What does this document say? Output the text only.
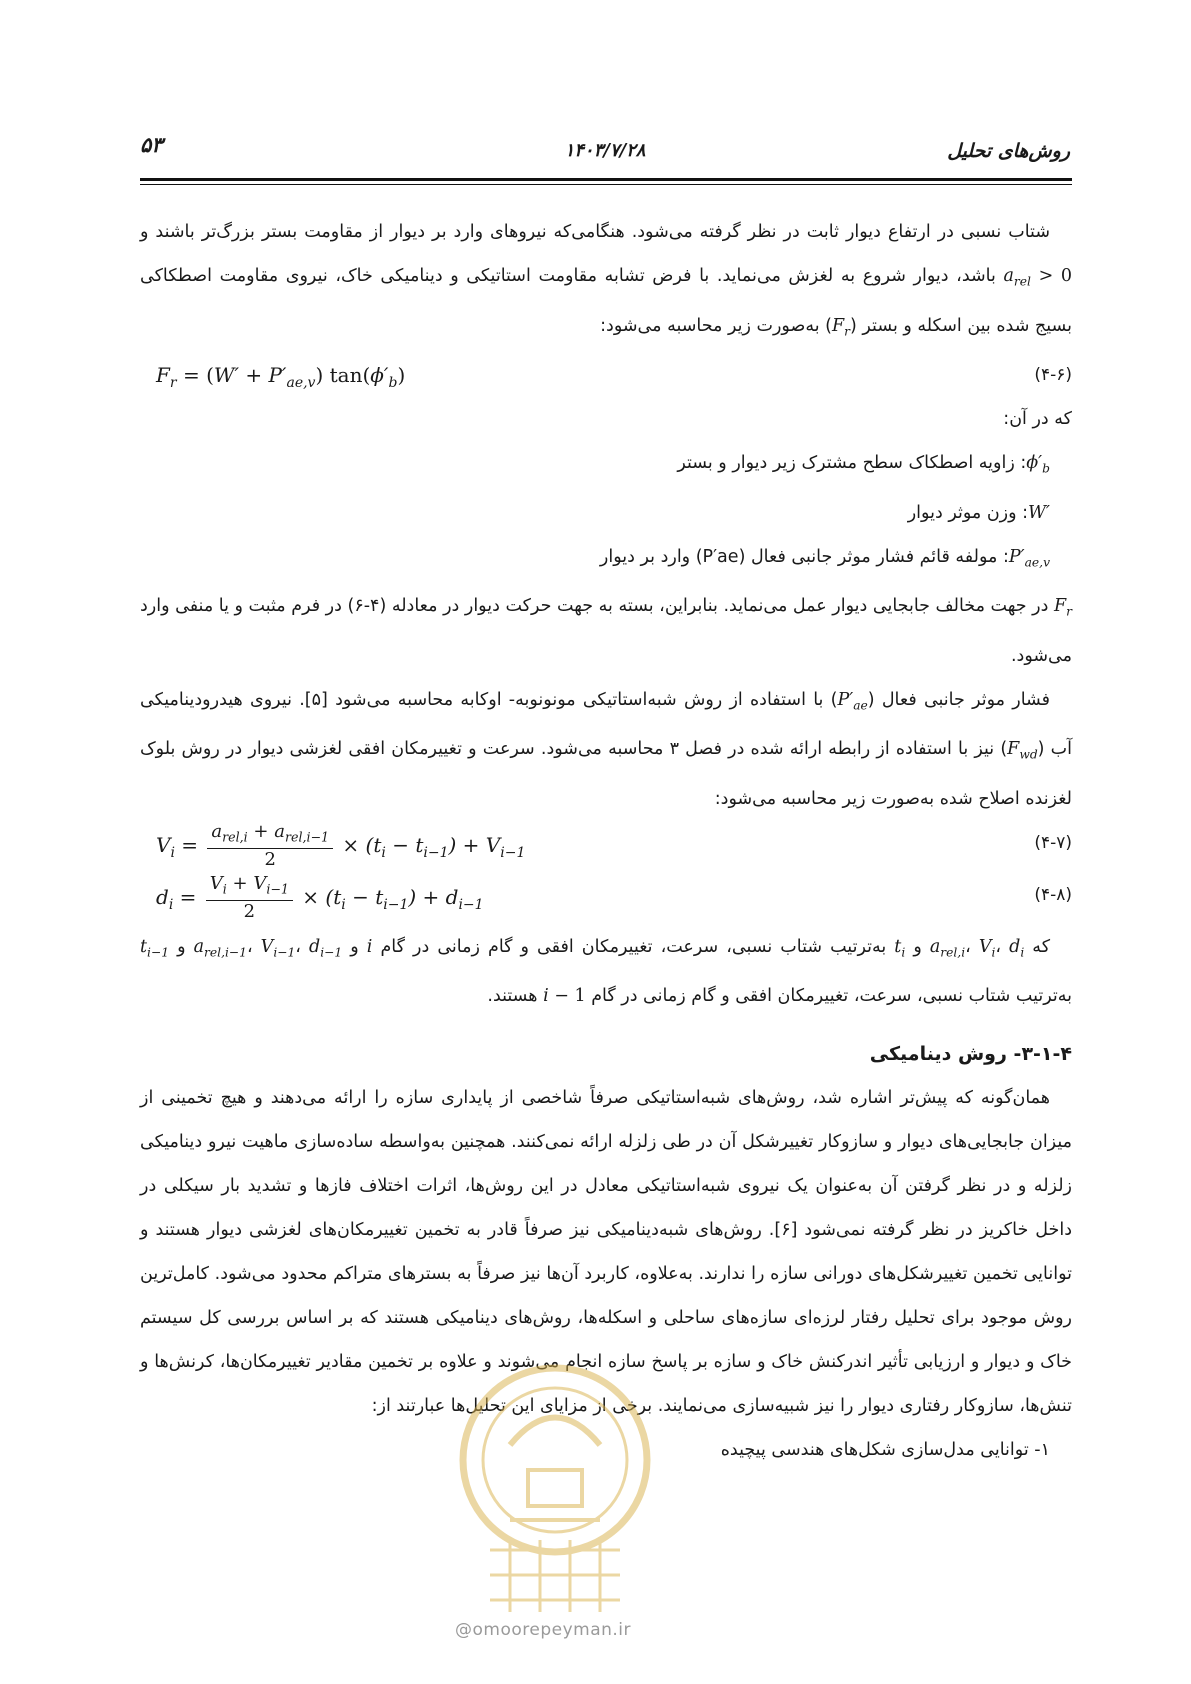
روش‌های تحلیل
۱۴۰۳/۷/۲۸
۵۳

شتاب نسبی در ارتفاع دیوار ثابت در نظر گرفته می‌شود. هنگامی‌که نیروهای وارد بر دیوار از مقاومت بستر بزرگ‌تر باشند و $a_{rel} > 0$ باشد، دیوار شروع به لغزش می‌نماید. با فرض تشابه مقاومت استاتیکی و دینامیکی خاک، نیروی مقاومت اصطکاکی بسیج شده بین اسکله و بستر $(F_r)$ به‌صورت زیر محاسبه می‌شود:

$F_r = (W' + P'_{ae,v})$ $\tan(\phi'_b)$	(۴-۶)

که در آن:

$\phi'_b$: زاویه اصطکاک سطح مشترک زیر دیوار و بستر

W′: وزن موثر دیوار

$P'_{ae,v}$: مولفه قائم فشار موثر جانبی فعال (P′ae) وارد بر دیوار

$F_r$ در جهت مخالف جابجایی دیوار عمل می‌نماید. بنابراین، بسته به جهت حرکت دیوار در معادله (۴-۶) در فرم مثبت و یا منفی وارد می‌شود.

فشار موثر جانبی فعال $(P'_{ae})$ با استفاده از روش شبه‌استاتیکی مونونوبه- اوکابه محاسبه می‌شود [۵]. نیروی هیدرودینامیکی آب $(F_{wd})$ نیز با استفاده از رابطه ارائه شده در فصل ۳ محاسبه می‌شود. سرعت و تغییرمکان افقی لغزشی دیوار در روش بلوک لغزنده اصلاح شده به‌صورت زیر محاسبه می‌شود:

$V_i = \frac{a_{rel,i} + a_{rel,i-1}}{2} \times (t_i - t_{i-1}) + V_{i-1}$	(۴-۷)
$d_i = \frac{V_i + V_{i-1}}{2} \times (t_i - t_{i-1}) + d_{i-1}$	(۴-۸)

که $a_{rel,i}،$ $V_i،$ $d_i$ و $t_i$ به‌ترتیب شتاب نسبی، سرعت، تغییرمکان افقی و گام زمانی در گام i و $a_{rel,i-1}،$ $V_{i-1}،$ $d_{i-1}$ و $t_{i-1}$ به‌ترتیب شتاب نسبی، سرعت، تغییرمکان افقی و گام زمانی در گام i − 1 هستند.

۳-۱-۴- روش دینامیکی

همان‌گونه که پیش‌تر اشاره شد، روش‌های شبه‌استاتیکی صرفاً شاخصی از پایداری سازه را ارائه می‌دهند و هیچ تخمینی از میزان جابجایی‌های دیوار و سازوکار تغییرشکل آن در طی زلزله ارائه نمی‌کنند. همچنین به‌واسطه ساده‌سازی ماهیت نیرو دینامیکی زلزله و در نظر گرفتن آن به‌عنوان یک نیروی شبه‌استاتیکی معادل در این روش‌ها، اثرات اختلاف فازها و تشدید بار سیکلی در داخل خاکریز در نظر گرفته نمی‌شود [۶]. روش‌های شبه‌دینامیکی نیز صرفاً قادر به تخمین تغییرمکان‌های لغزشی دیوار هستند و توانایی تخمین تغییرشکل‌های دورانی سازه را ندارند. به‌علاوه، کاربرد آن‌ها نیز صرفاً به بسترهای متراکم محدود می‌شود. کامل‌ترین روش موجود برای تحلیل رفتار لرزه‌ای سازه‌های ساحلی و اسکله‌ها، روش‌های دینامیکی هستند که بر اساس بررسی کل سیستم خاک و دیوار و ارزیابی تأثیر اندرکنش خاک و سازه بر پاسخ سازه انجام می‌شوند و علاوه بر تخمین مقادیر تغییرمکان‌ها، کرنش‌ها و تنش‌ها، سازوکار رفتاری دیوار را نیز شبیه‌سازی می‌نمایند. برخی از مزایای این تحلیل‌ها عبارتند از:

۱- توانایی مدل‌سازی شکل‌های هندسی پیچیده

@omoorepeyman.ir
